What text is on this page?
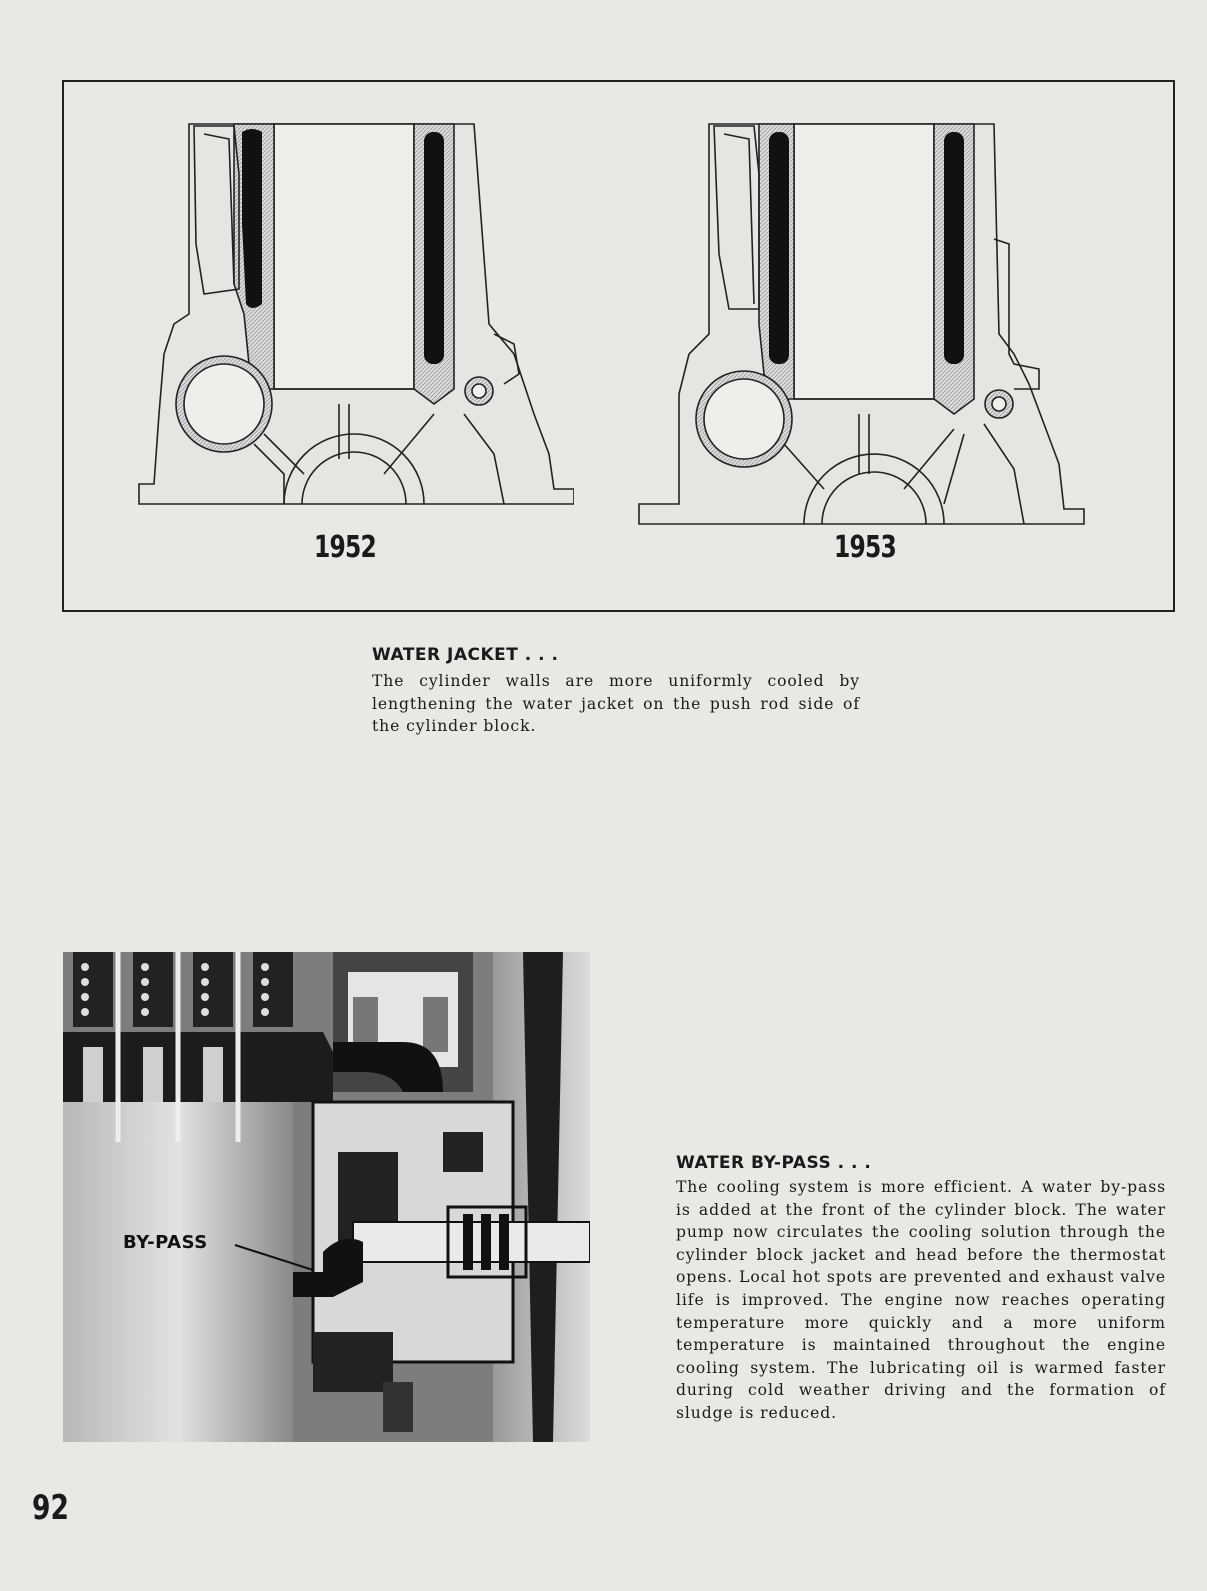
1952	1953
WATER JACKET . . .

The cylinder walls are more uniformly cooled by lengthening the water jacket on the push rod side of the cylinder block.

BY-PASS
WATER BY-PASS . . .

The cooling system is more efficient. A water by-pass is added at the front of the cylinder block. The water pump now circulates the cooling solution through the cylinder block jacket and head before the thermostat opens. Local hot spots are prevented and exhaust valve life is improved. The engine now reaches operating temperature more quickly and a more uniform temperature is maintained throughout the engine cooling system. The lubricating oil is warmed faster during cold weather driving and the formation of sludge is reduced.

92
